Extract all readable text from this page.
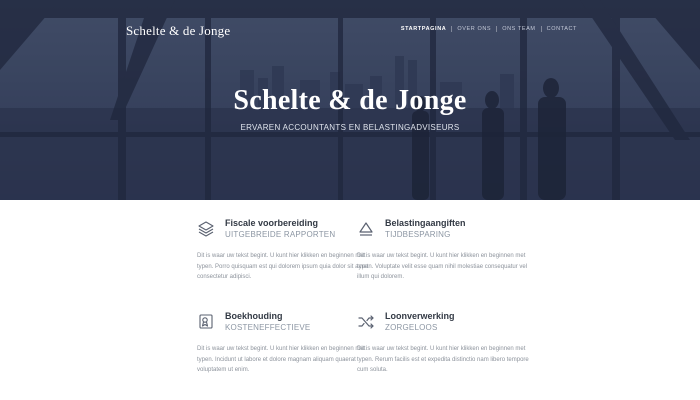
Schelte & de Jonge	STARTPAGINA OVER ONS ONS TEAM CONTACT
Schelte & de Jonge
ERVAREN ACCOUNTANTS EN BELASTINGADVISEURS
Fiscale voorbereiding
UITGEBREIDE RAPPORTEN

Dit is waar uw tekst begint. U kunt hier klikken en beginnen met typen. Porro quisquam est qui dolorem ipsum quia dolor sit amet consectetur adipisci.

Belastingaangiften
TIJDBESPARING

Dit is waar uw tekst begint. U kunt hier klikken en beginnen met typen. Voluptate velit esse quam nihil molestiae consequatur vel illum qui dolorem.

Boekhouding
KOSTENEFFECTIEVE

Dit is waar uw tekst begint. U kunt hier klikken en beginnen met typen. Incidunt ut labore et dolore magnam aliquam quaerat voluptatem ut enim.

Loonverwerking
ZORGELOOS

Dit is waar uw tekst begint. U kunt hier klikken en beginnen met typen. Rerum facilis est et expedita distinctio nam libero tempore cum soluta.
